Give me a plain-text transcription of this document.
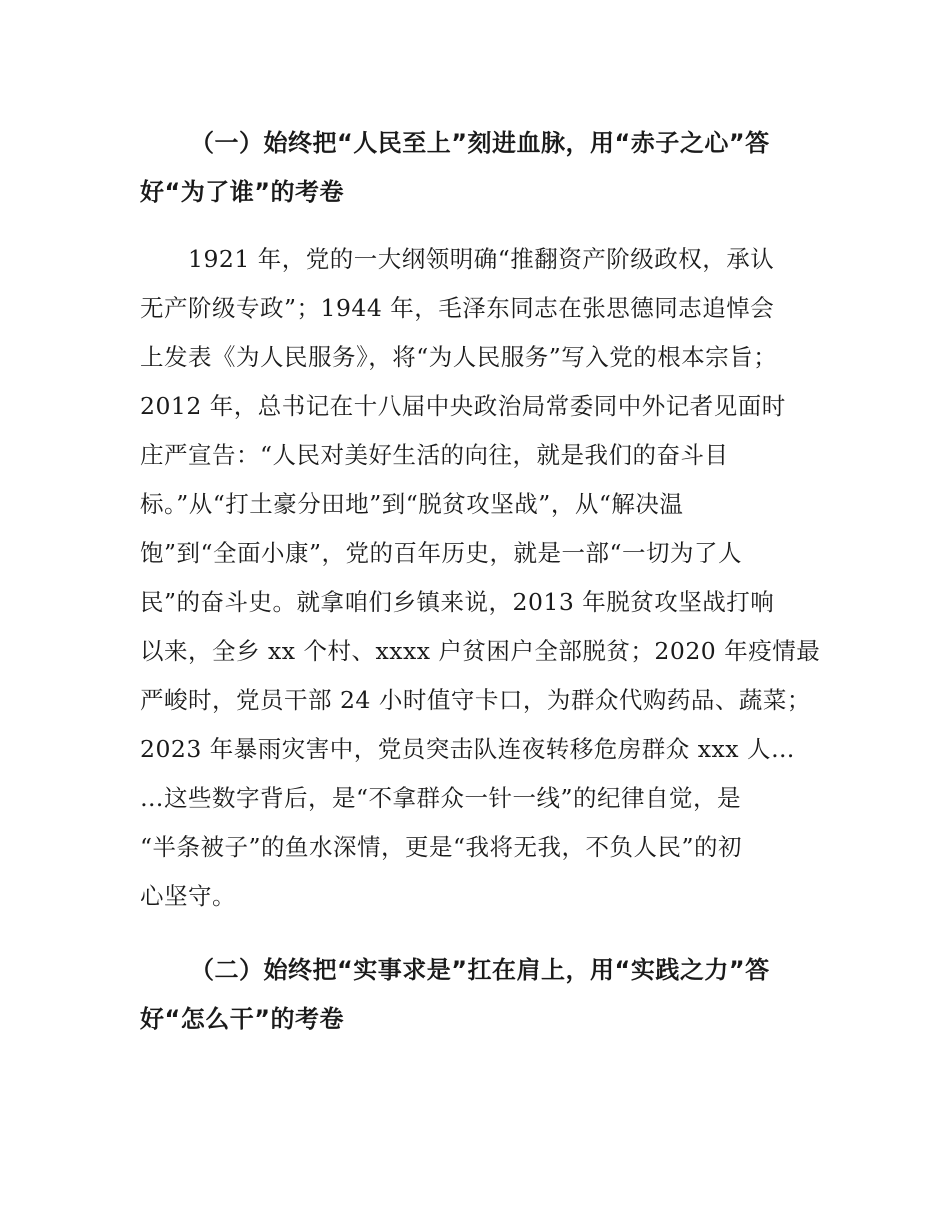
（一）始终把“人民至上”刻进血脉，用“赤子之心”答
好“为了谁”的考卷
1921 年，党的一大纲领明确“推翻资产阶级政权，承认
无产阶级专政”；1944 年，毛泽东同志在张思德同志追悼会
上发表《为人民服务》，将“为人民服务”写入党的根本宗旨；
2012 年，总书记在十八届中央政治局常委同中外记者见面时
庄严宣告：“人民对美好生活的向往，就是我们的奋斗目
标。”从“打土豪分田地”到“脱贫攻坚战”，从“解决温
饱”到“全面小康”，党的百年历史，就是一部“一切为了人
民”的奋斗史。就拿咱们乡镇来说，2013 年脱贫攻坚战打响
以来，全乡 xx 个村、xxxx 户贫困户全部脱贫；2020 年疫情最
严峻时，党员干部 24 小时值守卡口，为群众代购药品、蔬菜；
2023 年暴雨灾害中，党员突击队连夜转移危房群众 xxx 人…
…这些数字背后，是“不拿群众一针一线”的纪律自觉，是
“半条被子”的鱼水深情，更是“我将无我，不负人民”的初
心坚守。
（二）始终把“实事求是”扛在肩上，用“实践之力”答
好“怎么干”的考卷
